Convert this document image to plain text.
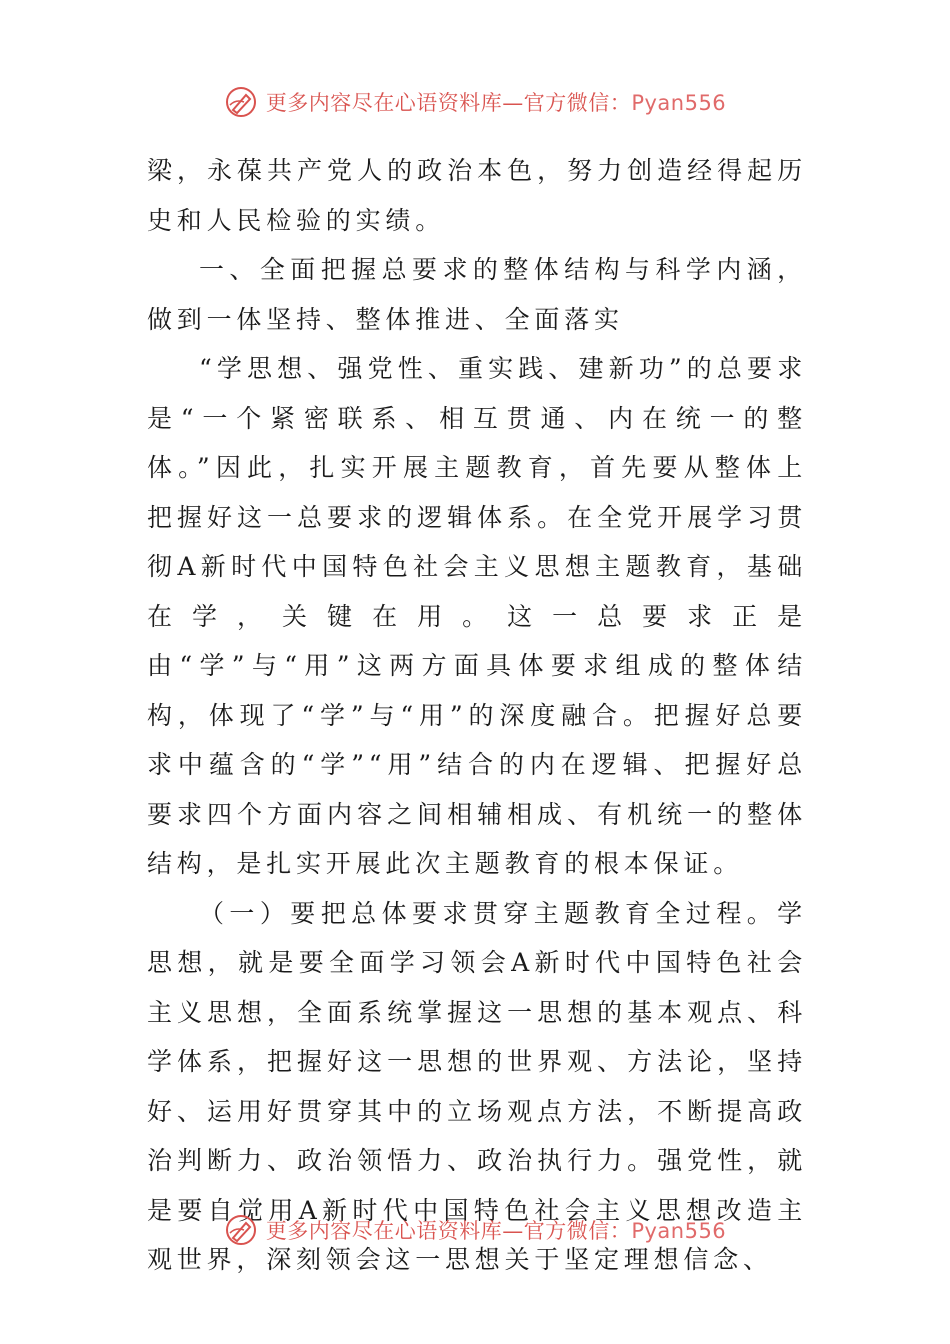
更多内容尽在心语资料库—官方微信：Pyan556

梁，永葆共产党人的政治本色，努力创造经得起历史和人民检验的实绩。

一、全面把握总要求的整体结构与科学内涵，做到一体坚持、整体推进、全面落实

“学思想、强党性、重实践、建新功”的总要求是“一个紧密联系、相互贯通、内在统一的整体。”因此，扎实开展主题教育，首先要从整体上把握好这一总要求的逻辑体系。在全党开展学习贯彻A新时代中国特色社会主义思想主题教育，基础在学，关键在用。这一总要求正是由“学”与“用”这两方面具体要求组成的整体结构，体现了“学”与“用”的深度融合。把握好总要求中蕴含的“学”“用”结合的内在逻辑、把握好总要求四个方面内容之间相辅相成、有机统一的整体结构，是扎实开展此次主题教育的根本保证。

（一）要把总体要求贯穿主题教育全过程。学思想，就是要全面学习领会A新时代中国特色社会主义思想，全面系统掌握这一思想的基本观点、科学体系，把握好这一思想的世界观、方法论，坚持好、运用好贯穿其中的立场观点方法，不断提高政治判断力、政治领悟力、政治执行力。强党性，就是要自觉用A新时代中国特色社会主义思想改造主观世界，深刻领会这一思想关于坚定理想信念、

更多内容尽在心语资料库—官方微信：Pyan556
